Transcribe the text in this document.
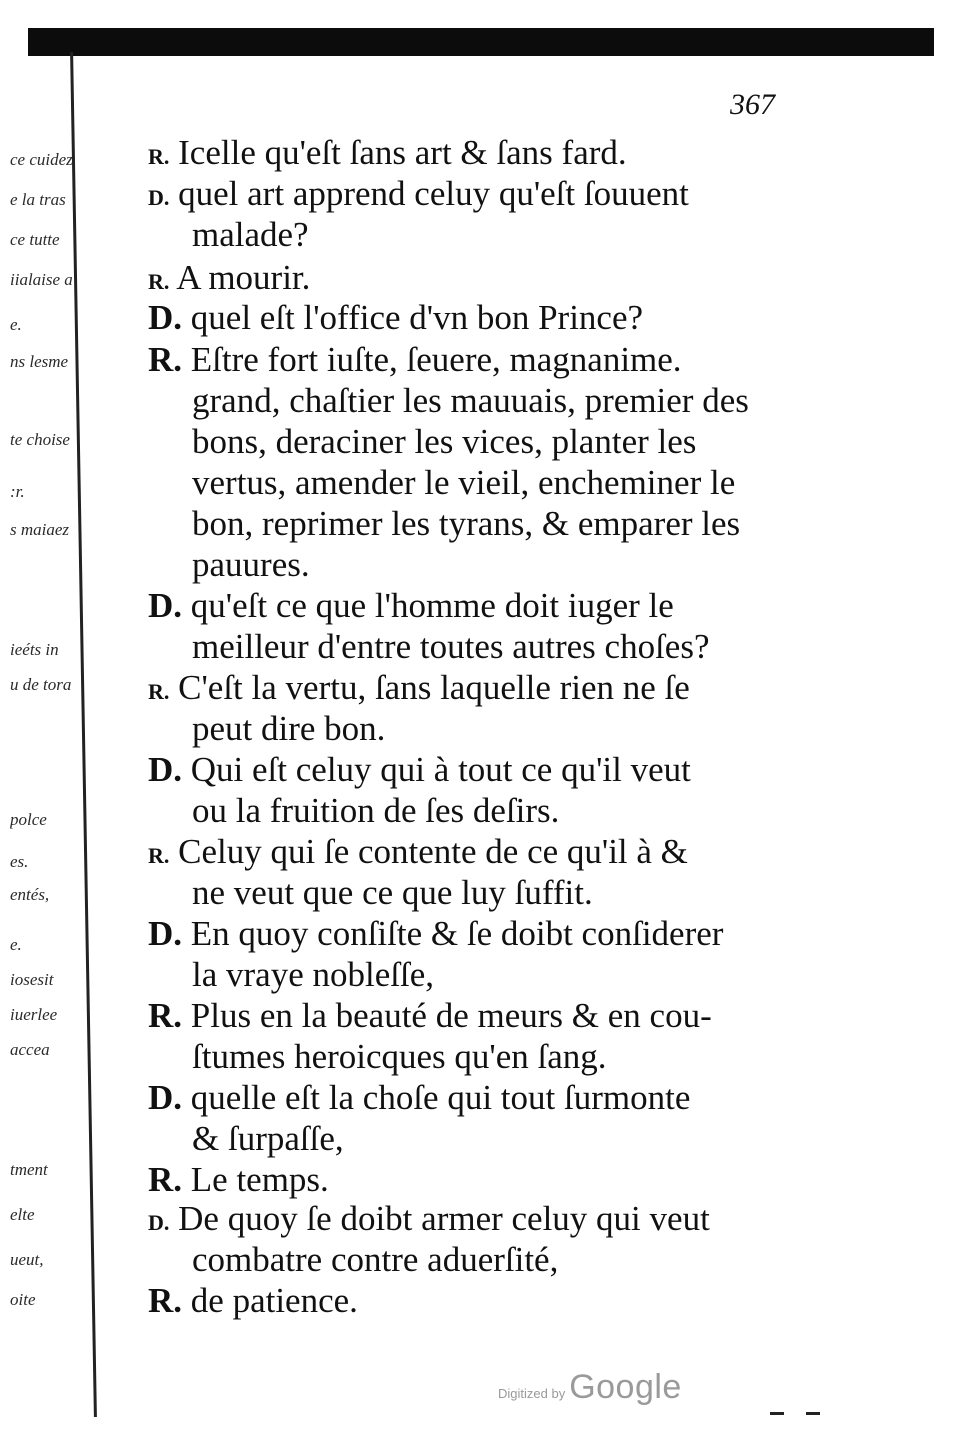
ce cuidez
e la tras
ce tutte
iialaise a
e.
ns lesme
te choise
:r.
s maiaez
ieéts in
u de tora
polce
es.
entés,
e.
iosesit
iuerlee
accea
tment
elte
ueut,
oite
367
R. Icelle qu'eſt ſans art & ſans fard.
D. quel art apprend celuy qu'eſt ſouuent
malade?
R. A mourir.
D. quel eſt l'office d'vn bon Prince?
R. Eſtre fort iuſte, ſeuere, magnanime.
grand, chaſtier les mauuais, premier des
bons, deraciner les vices, planter les
vertus, amender le vieil, encheminer le
bon, reprimer les tyrans, & emparer les
pauures.
D. qu'eſt ce que l'homme doit iuger le
meilleur d'entre toutes autres choſes?
R. C'eſt la vertu, ſans laquelle rien ne ſe
peut dire bon.
D. Qui eſt celuy qui à tout ce qu'il veut
ou la fruition de ſes deſirs.
R. Celuy qui ſe contente de ce qu'il à &
ne veut que ce que luy ſuffit.
D. En quoy conſiſte & ſe doibt conſiderer
la vraye nobleſſe,
R. Plus en la beauté de meurs & en cou-
ſtumes heroicques qu'en ſang.
D. quelle eſt la choſe qui tout ſurmonte
& ſurpaſſe,
R. Le temps.
D. De quoy ſe doibt armer celuy qui veut
combatre contre aduerſité,
R. de patience.
Digitized by Google
